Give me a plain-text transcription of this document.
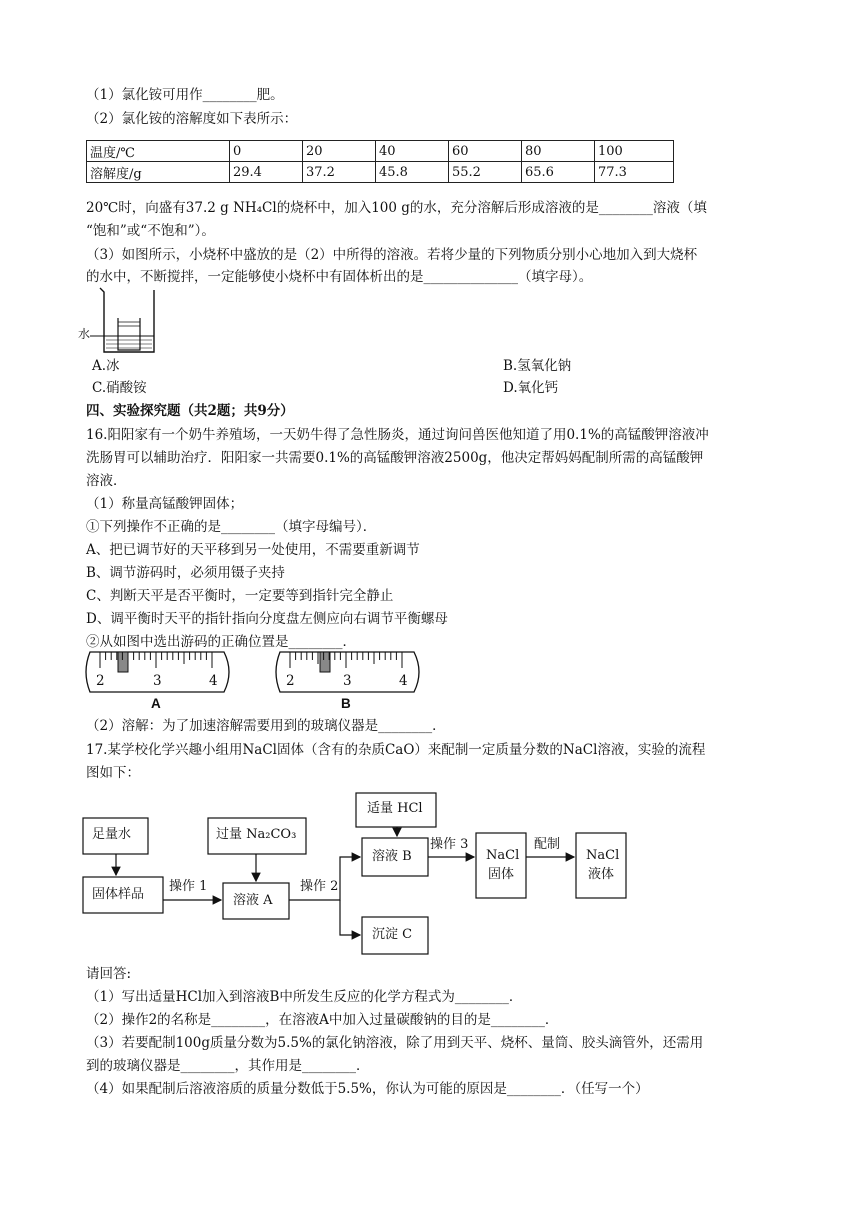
（1）氯化铵可用作________肥。
（2）氯化铵的溶解度如下表所示：
温度/℃	0	20	40	60	80	100
溶解度/g	29.4	37.2	45.8	55.2	65.6	77.3
20℃时，向盛有37.2 g NH₄Cl的烧杯中，加入100 g的水，充分溶解后形成溶液的是________溶液（填
“饱和”或“不饱和”）。
（3）如图所示，小烧杯中盛放的是（2）中所得的溶液。若将少量的下列物质分别小心地加入到大烧杯
的水中，不断搅拌，一定能够使小烧杯中有固体析出的是______________（填字母）。
水
A.冰	B.氢氧化钠
C.硝酸铵	D.氧化钙
四、实验探究题（共2题；共9分）
16.阳阳家有一个奶牛养殖场，一天奶牛得了急性肠炎，通过询问兽医他知道了用0.1%的高锰酸钾溶液冲
洗肠胃可以辅助治疗．阳阳家一共需要0.1%的高锰酸钾溶液2500g，他决定帮妈妈配制所需的高锰酸钾
溶液．
（1）称量高锰酸钾固体；
①下列操作不正确的是________（填字母编号）．
A、把已调节好的天平移到另一处使用，不需要重新调节
B、调节游码时，必须用镊子夹持
C、判断天平是否平衡时，一定要等到指针完全静止
D、调平衡时天平的指针指向分度盘左侧应向右调节平衡螺母
②从如图中选出游码的正确位置是________．
2	3	4	2	3	4
A	B
（2）溶解：为了加速溶解需要用到的玻璃仪器是________．
17.某学校化学兴趣小组用NaCl固体（含有的杂质CaO）来配制一定质量分数的NaCl溶液，实验的流程
图如下：
足量水
固体样品
操作 1
过量 Na₂CO₃
溶液 A
操作 2
适量 HCl
溶液 B
操作 3
NaCl
固体
配制
NaCl
液体
沉淀 C
请回答:
（1）写出适量HCl加入到溶液B中所发生反应的化学方程式为________．
（2）操作2的名称是________，在溶液A中加入过量碳酸钠的目的是________．
（3）若要配制100g质量分数为5.5%的氯化钠溶液，除了用到天平、烧杯、量筒、胶头滴管外，还需用
到的玻璃仪器是________，其作用是________．
（4）如果配制后溶液溶质的质量分数低于5.5%，你认为可能的原因是________．（任写一个）
